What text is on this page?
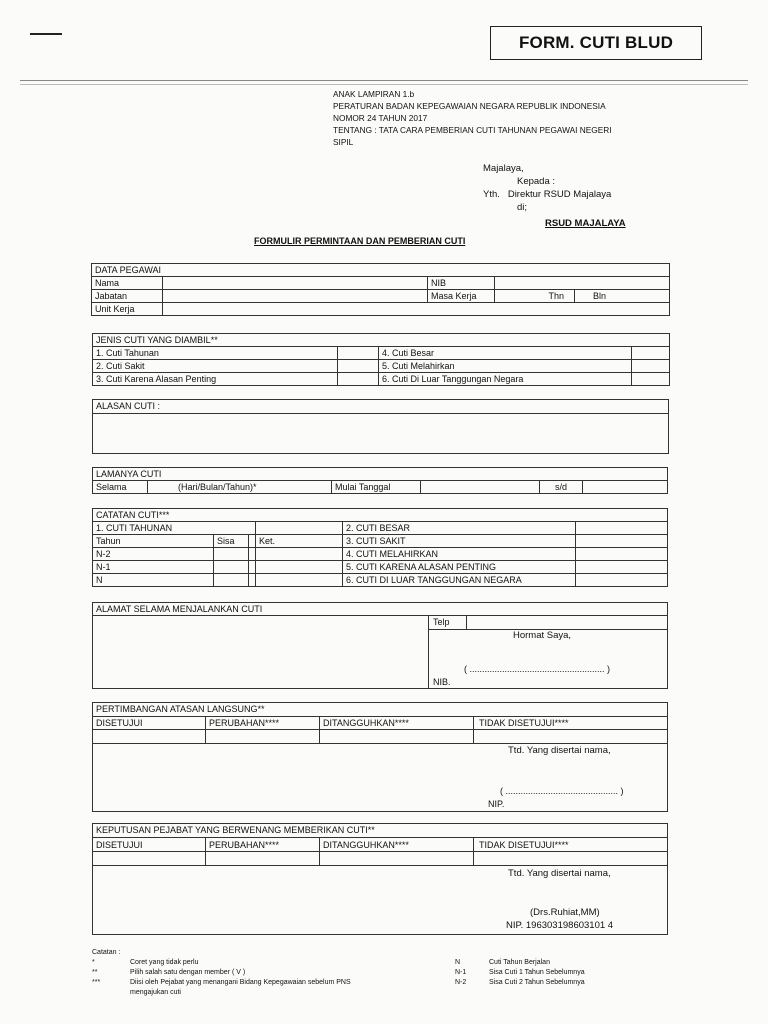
FORM. CUTI BLUD
ANAK LAMPIRAN 1.b
PERATURAN BADAN KEPEGAWAIAN NEGARA REPUBLIK INDONESIA
NOMOR 24 TAHUN 2017
TENTANG : TATA CARA PEMBERIAN CUTI TAHUNAN PEGAWAI NEGERI
SIPIL
Majalaya,
Kepada :
Yth. Direktur RSUD Majalaya
di;
RSUD MAJALAYA
FORMULIR PERMINTAAN DAN PEMBERIAN CUTI
DATA PEGAWAI				
Nama		NIB		
Jabatan		Masa Kerja	Thn	Bln
Unit Kerja				
JENIS CUTI YANG DIAMBIL**			
1. Cuti Tahunan		4. Cuti Besar	
2. Cuti Sakit		5. Cuti Melahirkan	
3. Cuti Karena Alasan Penting		6. Cuti Di Luar Tanggungan Negara	
ALASAN CUTI :
LAMANYA CUTI
Selama	(Hari/Bulan/Tahun)*	Mulai Tanggal		s/d	
CATATAN CUTI***					
1. CUTI TAHUNAN				2. CUTI BESAR	
Tahun	Sisa		Ket.	3. CUTI SAKIT	
N-2				4. CUTI MELAHIRKAN	
N-1				5. CUTI KARENA ALASAN PENTING	
N				6. CUTI DI LUAR TANGGUNGAN NEGARA	
ALAMAT SELAMA MENJALANKAN CUTI
Telp
Hormat Saya,
( ...................................................... )
NIB.
PERTIMBANGAN ATASAN LANGSUNG**
DISETUJUI	PERUBAHAN****	DITANGGUHKAN****	TIDAK DISETUJUI****
Ttd. Yang disertai nama,
( ............................................. )
NIP.
KEPUTUSAN PEJABAT YANG BERWENANG MEMBERIKAN CUTI**
DISETUJUI	PERUBAHAN****	DITANGGUHKAN****	TIDAK DISETUJUI****
Ttd. Yang disertai nama,
(Drs.Ruhiat,MM)
NIP. 196303198603101 4
Catatan :
*	Coret yang tidak perlu
**	Pilih salah satu dengan member ( V )
***	Diisi oleh Pejabat yang menangani Bidang Kepegawaian sebelum PNS
mengajukan cuti
N	Cuti Tahun Berjalan
N-1	Sisa Cuti 1 Tahun Sebelumnya
N-2	Sisa Cuti 2 Tahun Sebelumnya
